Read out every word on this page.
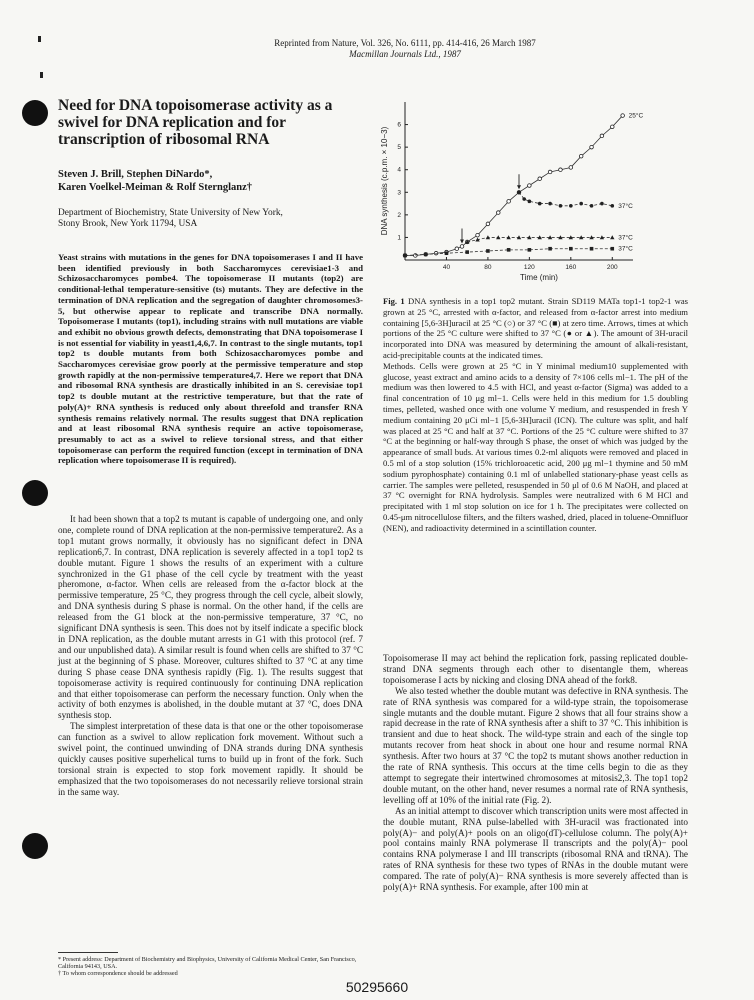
Reprinted from Nature, Vol. 326, No. 6111, pp. 414-416, 26 March 1987
Macmillan Journals Ltd., 1987
Need for DNA topoisomerase activity as a swivel for DNA replication and for transcription of ribosomal RNA
Steven J. Brill, Stephen DiNardo*,
Karen Voelkel-Meiman & Rolf Sternglanz†
Department of Biochemistry, State University of New York,
Stony Brook, New York 11794, USA

Yeast strains with mutations in the genes for DNA topoisomerases I and II have been identified previously in both Saccharomyces cerevisiae1-3 and Schizosaccharomyces pombe4. The topoisomerase II mutants (top2) are conditional-lethal temperature-sensitive (ts) mutants. They are defective in the termination of DNA replication and the segregation of daughter chromosomes3-5, but otherwise appear to replicate and transcribe DNA normally. Topoisomerase I mutants (top1), including strains with null mutations are viable and exhibit no obvious growth defects, demonstrating that DNA topoisomerase I is not essential for viability in yeast1,4,6,7. In contrast to the single mutants, top1 top2 ts double mutants from both Schizosaccharomyces pombe and Saccharomyces cerevisiae grow poorly at the permissive temperature and stop growth rapidly at the non-permissive temperature4,7. Here we report that DNA and ribosomal RNA synthesis are drastically inhibited in an S. cerevisiae top1 top2 ts double mutant at the restrictive temperature, but that the rate of poly(A)+ RNA synthesis is reduced only about threefold and transfer RNA synthesis remains relatively normal. The results suggest that DNA replication and at least ribosomal RNA synthesis require an active topoisomerase, presumably to act as a swivel to relieve torsional stress, and that either topoisomerase can perform the required function (except in termination of DNA replication where topoisomerase II is required).

It had been shown that a top2 ts mutant is capable of undergoing one, and only one, complete round of DNA replication at the non-permissive temperature2. As a top1 mutant grows normally, it obviously has no significant defect in DNA replication6,7. In contrast, DNA replication is severely affected in a top1 top2 ts double mutant. Figure 1 shows the results of an experiment with a culture synchronized in the G1 phase of the cell cycle by treatment with the yeast pheromone, α-factor. When cells are released from the α-factor block at the permissive temperature, 25 °C, they progress through the cell cycle, albeit slowly, and DNA synthesis during S phase is normal. On the other hand, if the cells are released from the G1 block at the non-permissive temperature, 37 °C, no significant DNA synthesis is seen. This does not by itself indicate a specific block in DNA replication, as the double mutant arrests in G1 with this protocol (ref. 7 and our unpublished data). A similar result is found when cells are shifted to 37 °C just at the beginning of S phase. Moreover, cultures shifted to 37 °C at any time during S phase cease DNA synthesis rapidly (Fig. 1). The results suggest that topoisomerase activity is required continuously for continuing DNA replication and that either topoisomerase can perform the necessary function. Only when the activity of both enzymes is abolished, in the double mutant at 37 °C, does DNA synthesis stop.

The simplest interpretation of these data is that one or the other topoisomerase can function as a swivel to allow replication fork movement. Without such a swivel point, the continued unwinding of DNA strands during DNA synthesis quickly causes positive superhelical turns to build up in front of the fork. Such torsional strain is expected to stop fork movement rapidly. It should be emphasized that the two topoisomerases do not necessarily relieve torsional strain in the same way.

* Present address: Department of Biochemistry and Biophysics, University of California Medical Center, San Francisco, California 94143, USA.
† To whom correspondence should be addressed
40	80	120	160	200
1
2
3
4
5
6
Time (min)
DNA synthesis (c.p.m. × 10−3)
25°C
37°C
37°C
37°C
Fig. 1 DNA synthesis in a top1 top2 mutant. Strain SD119 MATa top1-1 top2-1 was grown at 25 °C, arrested with α-factor, and released from α-factor arrest into medium containing [5,6-3H]uracil at 25 °C (○) or 37 °C (■) at zero time. Arrows, times at which portions of the 25 °C culture were shifted to 37 °C (● or ▲). The amount of 3H-uracil incorporated into DNA was measured by determining the amount of alkali-resistant, acid-precipitable counts at the indicated times.
Methods. Cells were grown at 25 °C in Y minimal medium10 supplemented with glucose, yeast extract and amino acids to a density of 7×106 cells ml−1. The pH of the medium was then lowered to 4.5 with HCl, and yeast α-factor (Sigma) was added to a final concentration of 10 μg ml−1. Cells were held in this medium for 1.5 doubling times, pelleted, washed once with one volume Y medium, and resuspended in fresh Y medium containing 20 μCi ml−1 [5,6-3H]uracil (ICN). The culture was split, and half was placed at 25 °C and half at 37 °C. Portions of the 25 °C culture were shifted to 37 °C at the beginning or half-way through S phase, the onset of which was judged by the appearance of small buds. At various times 0.2-ml aliquots were removed and placed in 0.5 ml of a stop solution (15% trichloroacetic acid, 200 μg ml−1 thymine and 50 mM sodium pyrophosphate) containing 0.1 ml of unlabelled stationary-phase yeast cells as carrier. The samples were pelleted, resuspended in 50 μl of 0.6 M NaOH, and placed at 37 °C overnight for RNA hydrolysis. Samples were neutralized with 6 M HCl and precipitated with 1 ml stop solution on ice for 1 h. The precipitates were collected on 0.45-μm nitrocellulose filters, and the filters washed, dried, placed in toluene-Omnifluor (NEN), and radioactivity determined in a scintillation counter.

Topoisomerase II may act behind the replication fork, passing replicated double-strand DNA segments through each other to disentangle them, whereas topoisomerase I acts by nicking and closing DNA ahead of the fork8.

We also tested whether the double mutant was defective in RNA synthesis. The rate of RNA synthesis was compared for a wild-type strain, the topoisomerase single mutants and the double mutant. Figure 2 shows that all four strains show a rapid decrease in the rate of RNA synthesis after a shift to 37 °C. This inhibition is transient and due to heat shock. The wild-type strain and each of the single top mutants recover from heat shock in about one hour and resume normal RNA synthesis. After two hours at 37 °C the top2 ts mutant shows another reduction in the rate of RNA synthesis. This occurs at the time cells begin to die as they attempt to segregate their intertwined chromosomes at mitosis2,3. The top1 top2 double mutant, on the other hand, never resumes a normal rate of RNA synthesis, levelling off at 10% of the initial rate (Fig. 2).

As an initial attempt to discover which transcription units were most affected in the double mutant, RNA pulse-labelled with 3H-uracil was fractionated into poly(A)− and poly(A)+ pools on an oligo(dT)-cellulose column. The poly(A)+ pool contains mainly RNA polymerase II transcripts and the poly(A)− pool contains RNA polymerase I and III transcripts (ribosomal RNA and tRNA). The rates of RNA synthesis for these two types of RNAs in the double mutant were compared. The rate of poly(A)− RNA synthesis is more severely affected than is poly(A)+ RNA synthesis. For example, after 100 min at

50295660
